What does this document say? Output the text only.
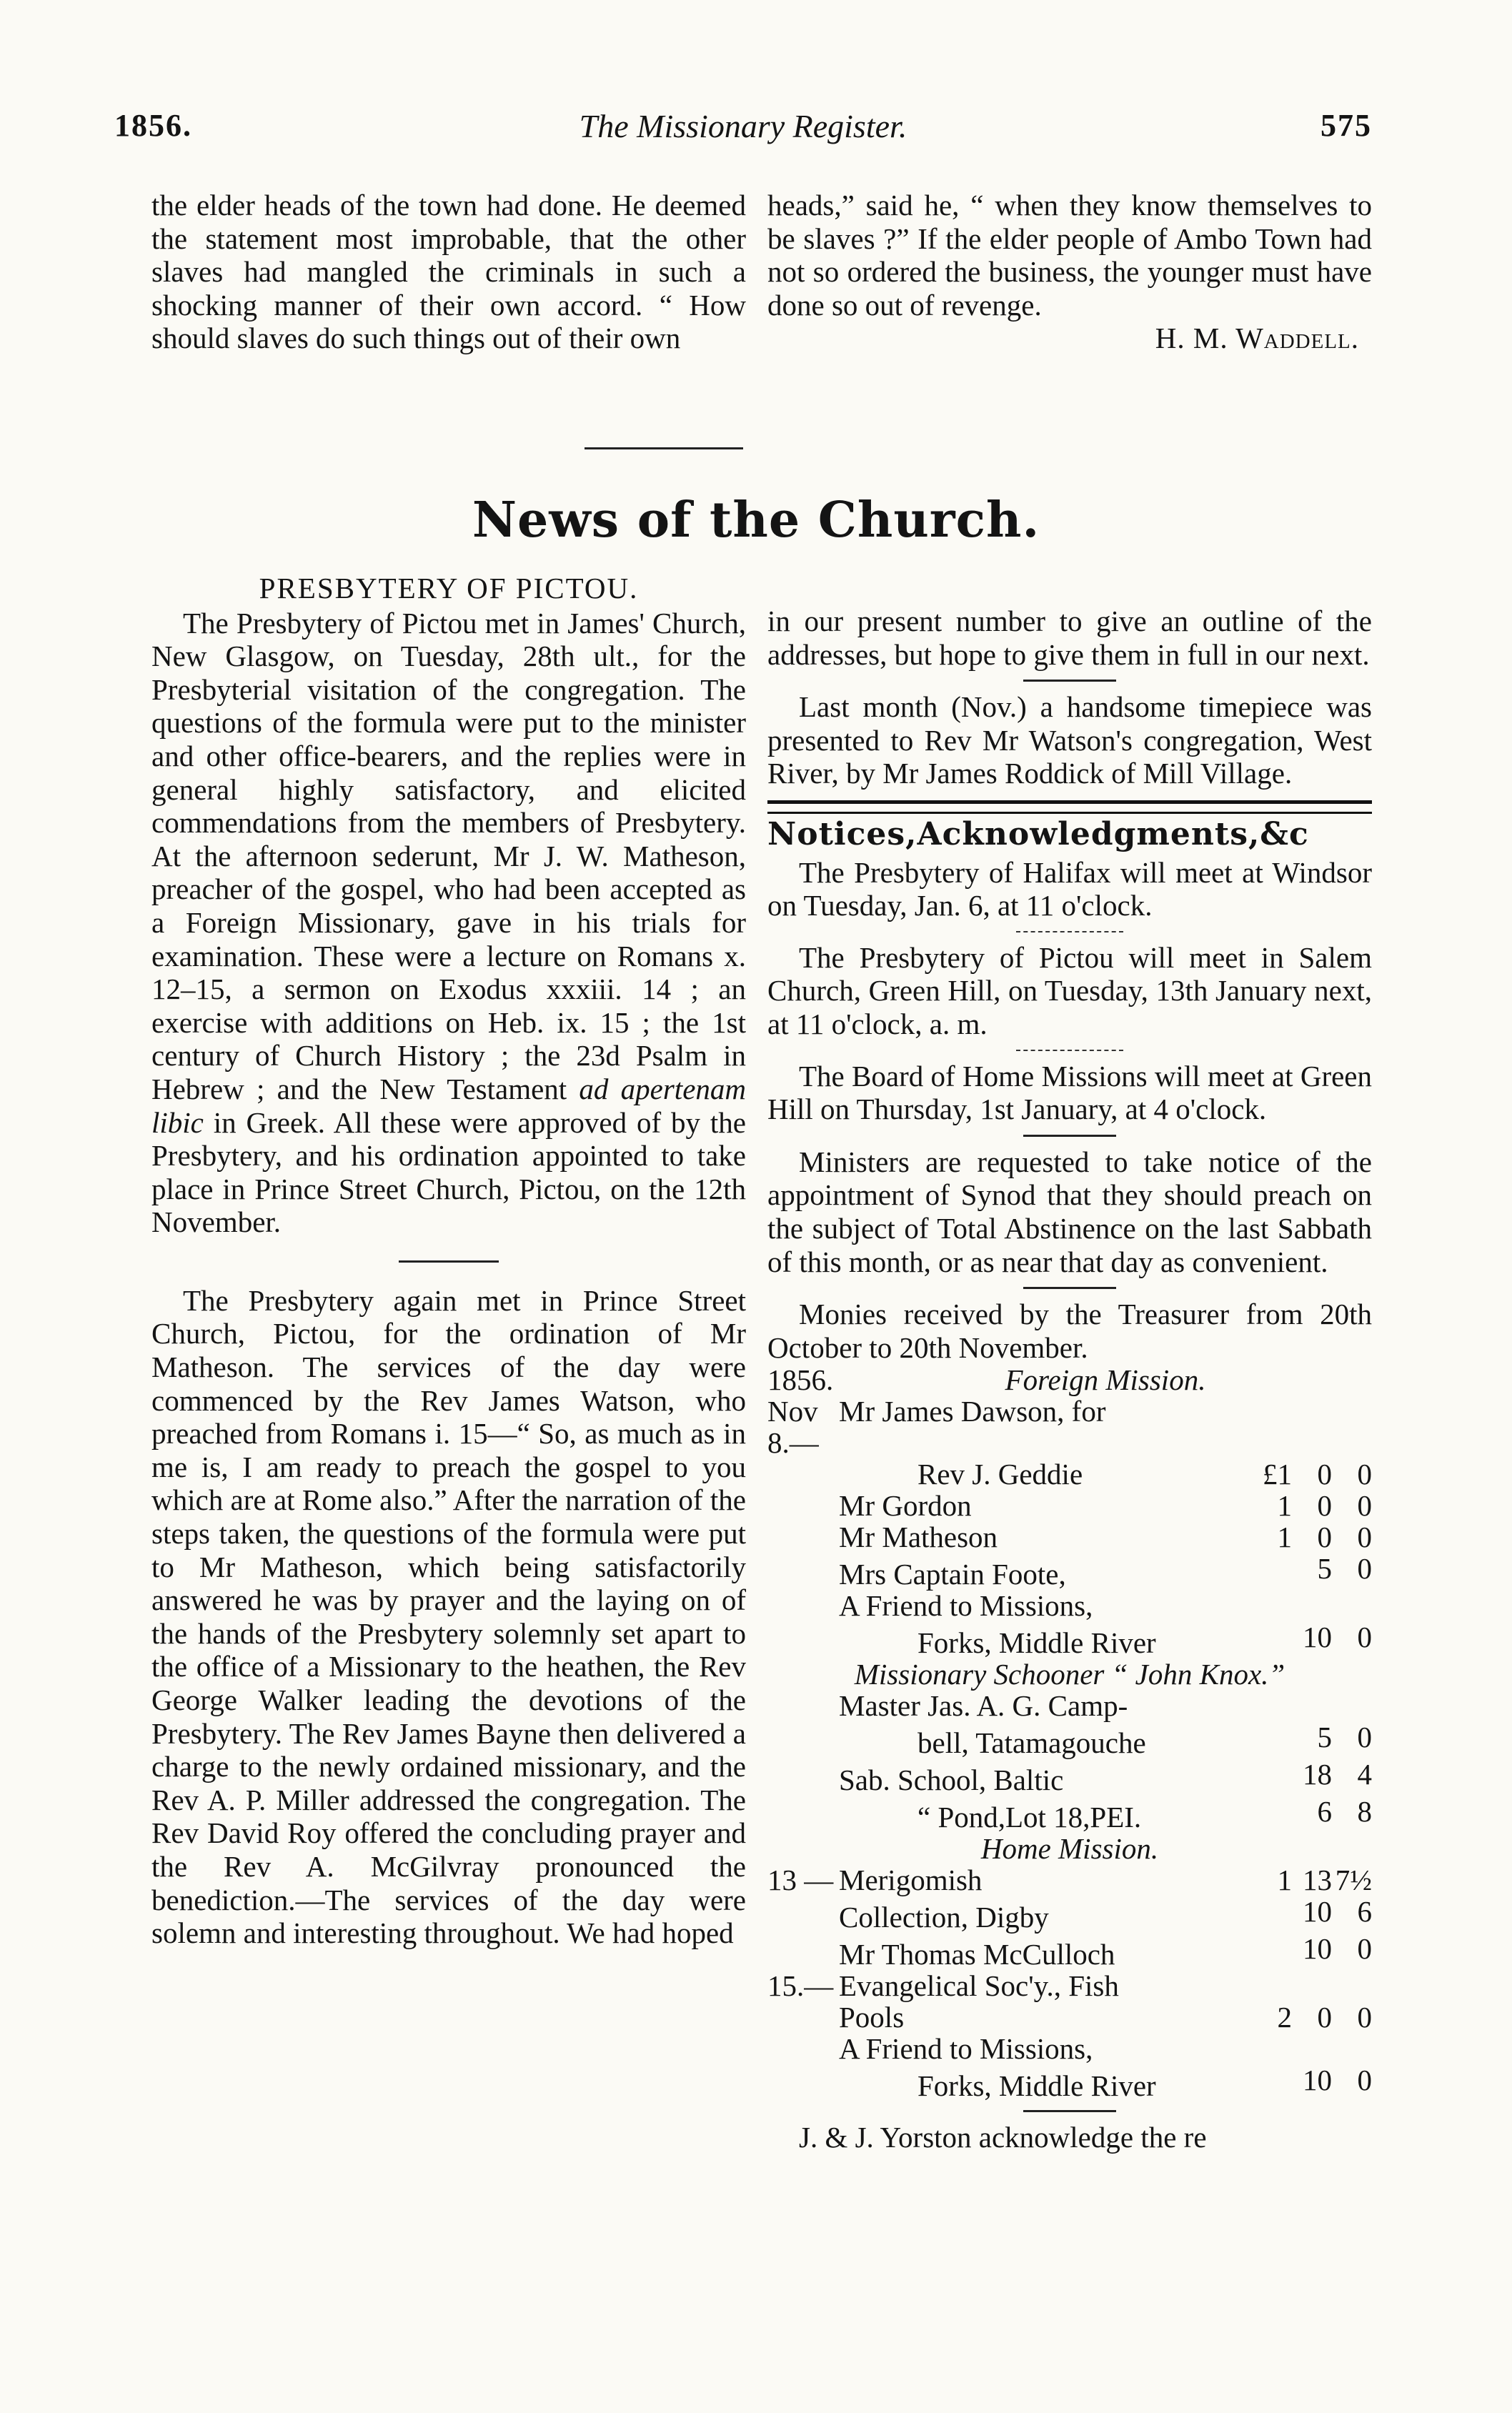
1856.	The Missionary Register.	575

the elder heads of the town had done. He deemed the statement most improbable, that the other slaves had mangled the criminals in such a shocking manner of their own accord. “ How should slaves do such things out of their own

heads,” said he, “ when they know themselves to be slaves ?” If the elder people of Ambo Town had not so ordered the business, the younger must have done so out of revenge.

H. M. Waddell.

News of the Church.
PRESBYTERY OF PICTOU.

The Presbytery of Pictou met in James' Church, New Glasgow, on Tuesday, 28th ult., for the Presbyterial visitation of the congregation. The questions of the formula were put to the minister and other office-bearers, and the replies were in general highly satisfactory, and elicited commendations from the members of Presbytery. At the afternoon sederunt, Mr J. W. Matheson, preacher of the gospel, who had been accepted as a Foreign Missionary, gave in his trials for examination. These were a lecture on Romans x. 12–15, a sermon on Exodus xxxiii. 14 ; an exercise with additions on Heb. ix. 15 ; the 1st century of Church History ; the 23d Psalm in Hebrew ; and the New Testament ad apertenam libic in Greek. All these were approved of by the Presbytery, and his ordination appointed to take place in Prince Street Church, Pictou, on the 12th November.

The Presbytery again met in Prince Street Church, Pictou, for the ordination of Mr Matheson. The services of the day were commenced by the Rev James Watson, who preached from Romans i. 15—“ So, as much as in me is, I am ready to preach the gospel to you which are at Rome also.” After the narration of the steps taken, the questions of the formula were put to Mr Matheson, which being satisfactorily answered he was by prayer and the laying on of the hands of the Presbytery solemnly set apart to the office of a Missionary to the heathen, the Rev George Walker leading the devotions of the Presbytery. The Rev James Bayne then delivered a charge to the newly ordained missionary, and the Rev A. P. Miller addressed the congregation. The Rev David Roy offered the concluding prayer and the Rev A. McGilvray pronounced the benediction.—The services of the day were solemn and interesting throughout. We had hoped

in our present number to give an outline of the addresses, but hope to give them in full in our next.

Last month (Nov.) a handsome timepiece was presented to Rev Mr Watson's congregation, West River, by Mr James Roddick of Mill Village.

Notices,Acknowledgments,&c

The Presbytery of Halifax will meet at Windsor on Tuesday, Jan. 6, at 11 o'clock.

The Presbytery of Pictou will meet in Salem Church, Green Hill, on Tuesday, 13th January next, at 11 o'clock, a. m.

The Board of Home Missions will meet at Green Hill on Thursday, 1st January, at 4 o'clock.

Ministers are requested to take notice of the appointment of Synod that they should preach on the subject of Total Abstinence on the last Sabbath of this month, or as near that day as convenient.

Monies received by the Treasurer from 20th October to 20th November.

1856.	Foreign Mission.
Nov 8.—
Mr James Dawson, for
Rev J. Geddie	£1 0 0
Mr Gordon	1 0 0
Mr Matheson	1 0 0
Mrs Captain Foote,	5 0
A Friend to Missions,
Forks, Middle River	10 0
Missionary Schooner “ John Knox.”
Master Jas. A. G. Camp-
bell, Tatamagouche	5 0
Sab. School, Baltic	18 4
“ Pond,Lot 18,PEI.	6 8
Home Mission.
13 — Merigomish	1 13 7½
Collection, Digby	10 6
Mr Thomas McCulloch	10 0
15.— Evangelical Soc'y., Fish
Pools	2 0 0
A Friend to Missions,
Forks, Middle River	10 0

J. & J. Yorston acknowledge the re
